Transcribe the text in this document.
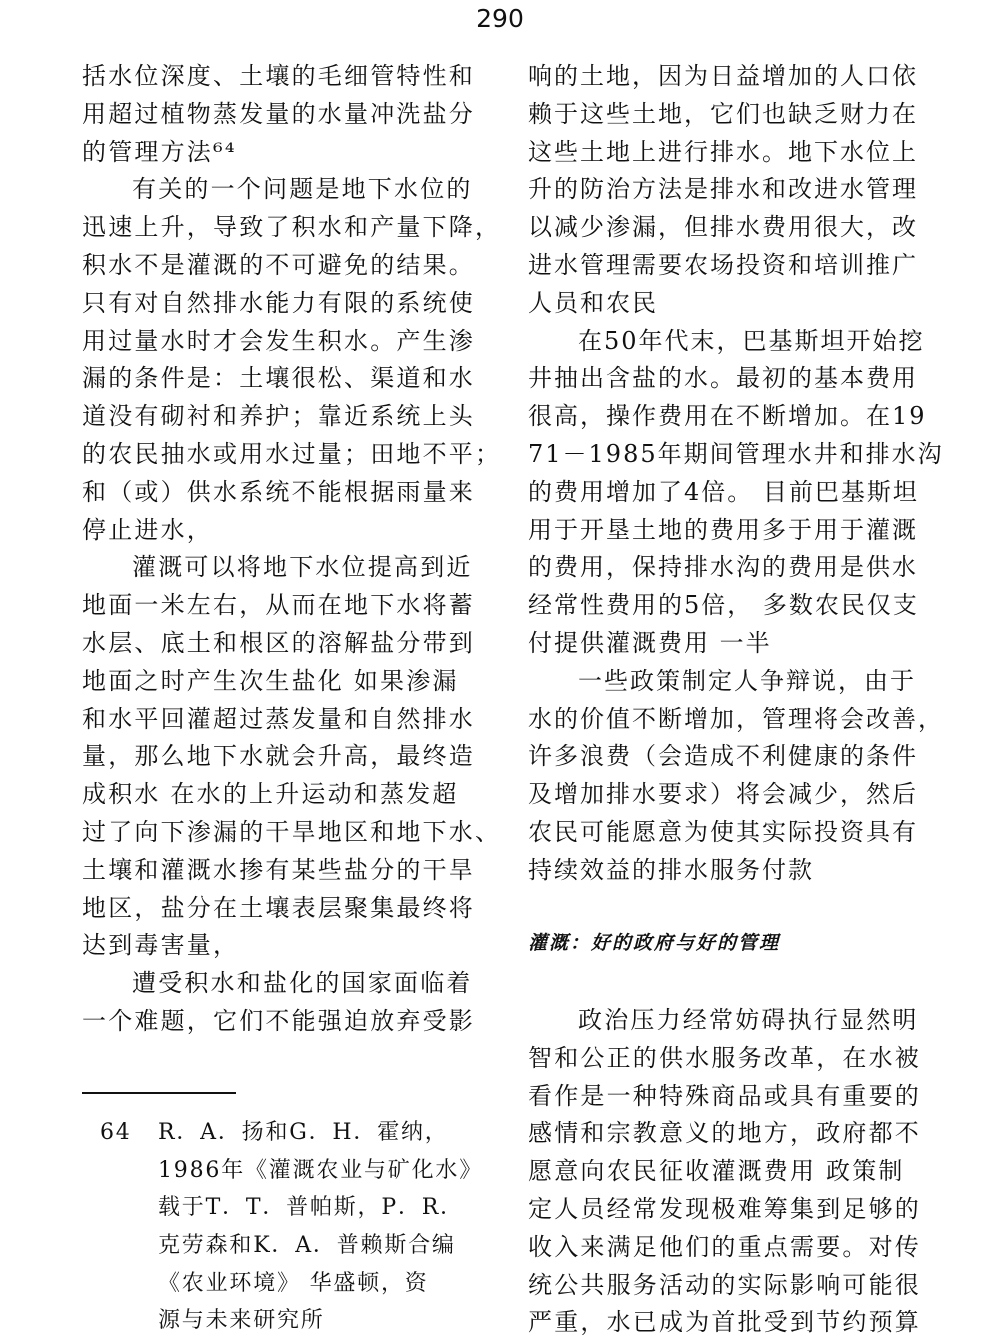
290
括水位深度、土壤的毛细管特性和
用超过植物蒸发量的水量冲洗盐分
的管理方法⁶⁴
有关的一个问题是地下水位的
迅速上升，导致了积水和产量下降，
积水不是灌溉的不可避免的结果。
只有对自然排水能力有限的系统使
用过量水时才会发生积水。产生渗
漏的条件是：土壤很松、渠道和水
道没有砌衬和养护；靠近系统上头
的农民抽水或用水过量；田地不平；
和（或）供水系统不能根据雨量来
停止进水，
灌溉可以将地下水位提高到近
地面一米左右，从而在地下水将蓄
水层、底土和根区的溶解盐分带到
地面之时产生次生盐化 如果渗漏
和水平回灌超过蒸发量和自然排水
量，那么地下水就会升高，最终造
成积水 在水的上升运动和蒸发超
过了向下渗漏的干旱地区和地下水、
土壤和灌溉水掺有某些盐分的干旱
地区，盐分在土壤表层聚集最终将
达到毒害量，
遭受积水和盐化的国家面临着
一个难题，它们不能强迫放弃受影
响的土地，因为日益增加的人口依
赖于这些土地，它们也缺乏财力在
这些土地上进行排水。地下水位上
升的防治方法是排水和改进水管理
以减少渗漏，但排水费用很大，改
进水管理需要农场投资和培训推广
人员和农民
在50年代末，巴基斯坦开始挖
井抽出含盐的水。最初的基本费用
很高，操作费用在不断增加。在19
71－1985年期间管理水井和排水沟
的费用增加了4倍。 目前巴基斯坦
用于开垦土地的费用多于用于灌溉
的费用，保持排水沟的费用是供水
经常性费用的5倍， 多数农民仅支
付提供灌溉费用 一半
一些政策制定人争辩说，由于
水的价值不断增加，管理将会改善，
许多浪费（会造成不利健康的条件
及增加排水要求）将会减少，然后
农民可能愿意为使其实际投资具有
持续效益的排水服务付款
灌溉：好的政府与好的管理
政治压力经常妨碍执行显然明
智和公正的供水服务改革，在水被
看作是一种特殊商品或具有重要的
感情和宗教意义的地方，政府都不
愿意向农民征收灌溉费用 政策制
定人员经常发现极难筹集到足够的
收入来满足他们的重点需要。对传
统公共服务活动的实际影响可能很
严重，水已成为首批受到节约预算
64 R．A．扬和G．H．霍纳，
1986年《灌溉农业与矿化水》
载于T．T．普帕斯，P．R．
克劳森和K．A．普赖斯合编
《农业环境》 华盛顿，资
源与未来研究所
